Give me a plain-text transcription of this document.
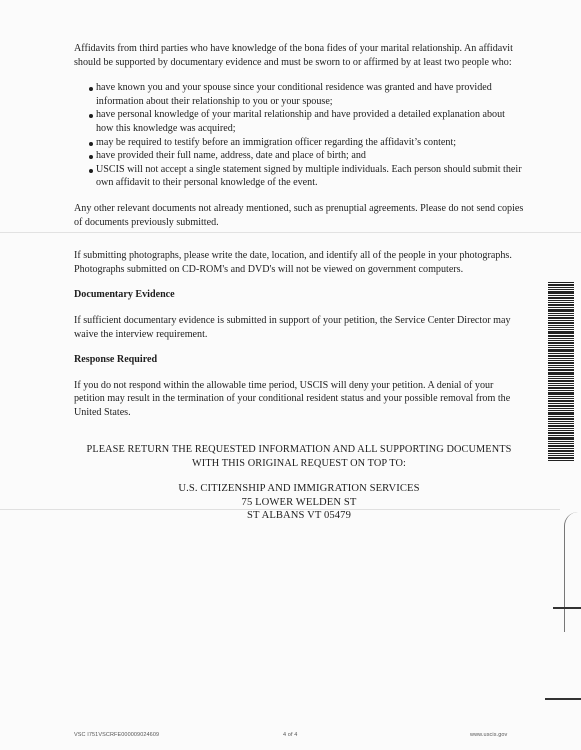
Affidavits from third parties who have knowledge of the bona fides of your marital relationship. An affidavit should be supported by documentary evidence and must be sworn to or affirmed by at least two people who:

have known you and your spouse since your conditional residence was granted and have provided information about their relationship to you or your spouse;
have personal knowledge of your marital relationship and have provided a detailed explanation about how this knowledge was acquired;
may be required to testify before an immigration officer regarding the affidavit’s content;
have provided their full name, address, date and place of birth; and
USCIS will not accept a single statement signed by multiple individuals. Each person should submit their own affidavit to their personal knowledge of the event.

Any other relevant documents not already mentioned, such as prenuptial agreements. Please do not send copies of documents previously submitted.

If submitting photographs, please write the date, location, and identify all of the people in your photographs. Photographs submitted on CD-ROM's and DVD's will not be viewed on government computers.

Documentary Evidence

If sufficient documentary evidence is submitted in support of your petition, the Service Center Director may waive the interview requirement.

Response Required

If you do not respond within the allowable time period, USCIS will deny your petition. A denial of your petition may result in the termination of your conditional resident status and your possible removal from the United States.

PLEASE RETURN THE REQUESTED INFORMATION AND ALL SUPPORTING DOCUMENTS
WITH THIS ORIGINAL REQUEST ON TOP TO:
U.S. CITIZENSHIP AND IMMIGRATION SERVICES
75 LOWER WELDEN ST
ST ALBANS VT 05479
VSC I751VSCRFE000009024609	4 of 4	www.uscis.gov
